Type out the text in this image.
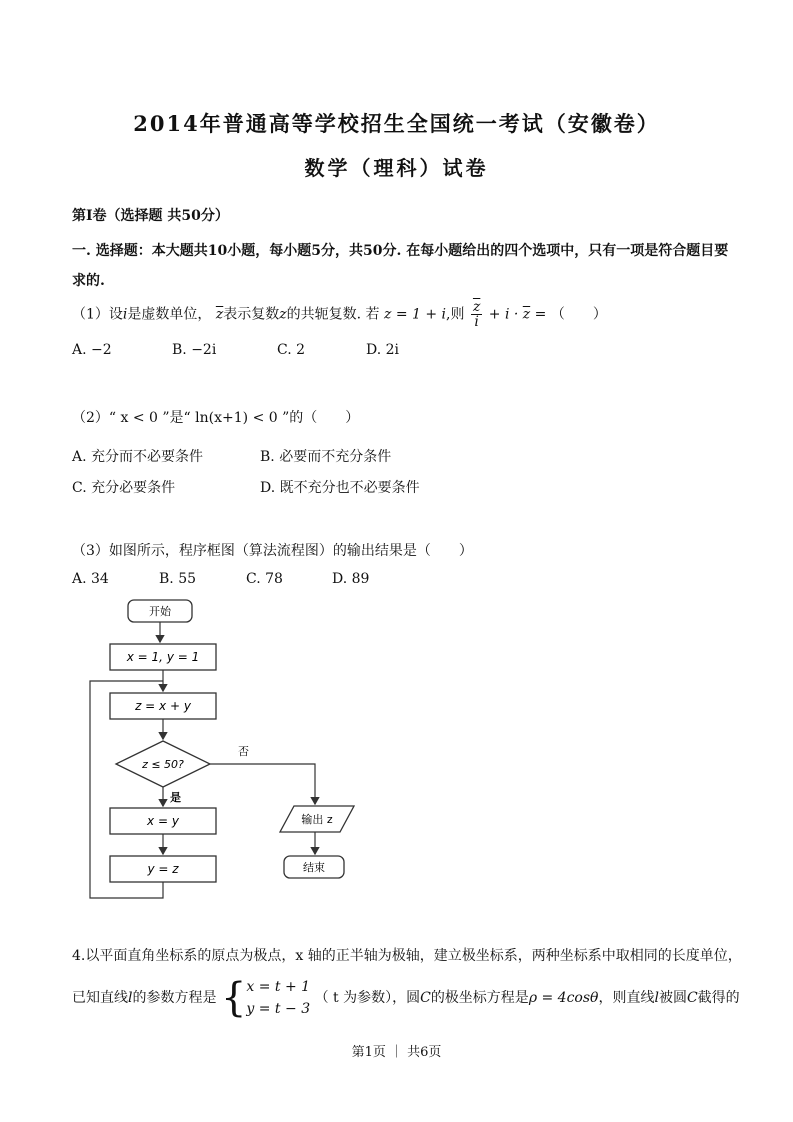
2014年普通高等学校招生全国统一考试（安徽卷）
数学（理科）试卷
第Ⅰ卷（选择题 共50分）
一. 选择题：本大题共10小题，每小题5分，共50分. 在每小题给出的四个选项中，只有一项是符合题目要求的.
（1）设i是虚数单位， $\overline{z}$表示复数z的共轭复数. 若 z = 1 + i,则 $\frac{\overline{z}}{i} + i \cdot \overline{z}$ = （　　）
A. −2	B. −2i	C. 2	D. 2i
（2）“ x < 0 ”是“ ln(x+1) < 0 ”的（　　）
A. 充分而不必要条件	B. 必要而不充分条件
C. 充分必要条件	D. 既不充分也不必要条件
（3）如图所示，程序框图（算法流程图）的输出结果是（　　）
A. 34	B. 55	C. 78	D. 89
开始
x = 1, y = 1
z = x + y
z ≤ 50?
否
是
x = y
y = z
输出 z
结束
4.以平面直角坐标系的原点为极点，x 轴的正半轴为极轴，建立极坐标系，两种坐标系中取相同的长度单位，
已知直线l的参数方程是 {x = t + 1
y = t − 3 （ t 为参数），圆C的极坐标方程是ρ = 4cosθ，则直线l被圆C截得的
第1页 ｜ 共6页
